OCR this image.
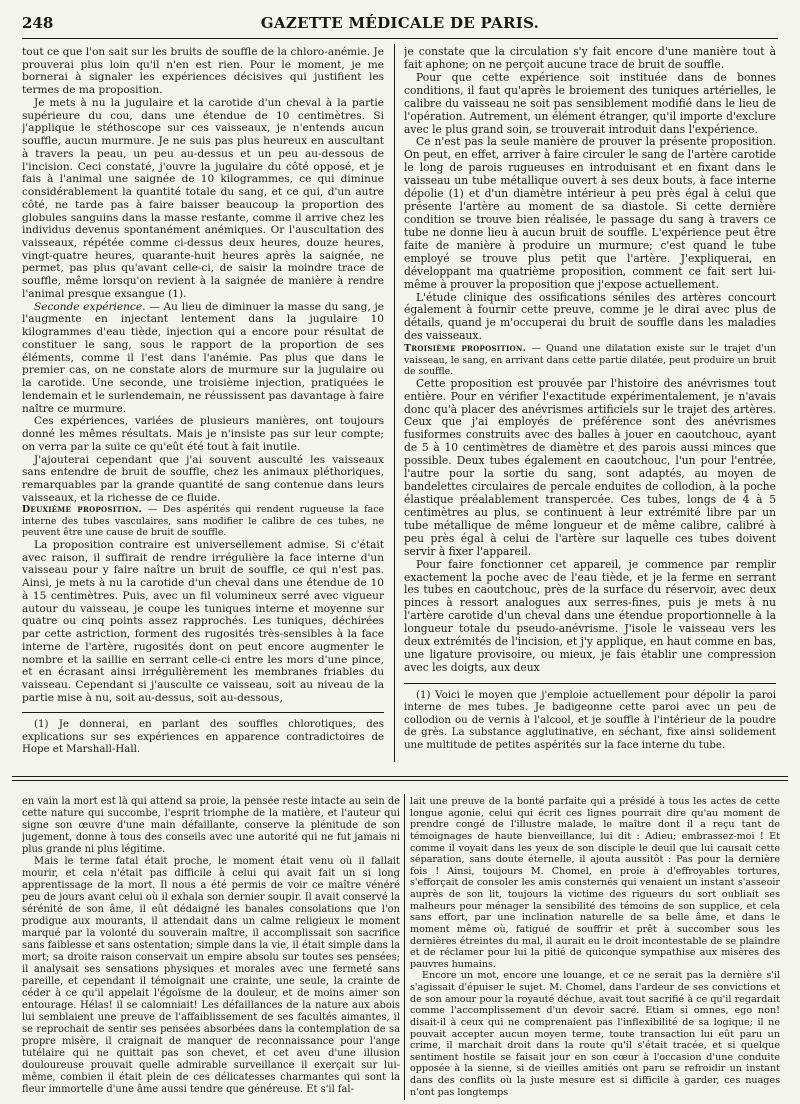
248	GAZETTE MÉDICALE DE PARIS.

tout ce que l'on sait sur les bruits de souffle de la chloro-anémie. Je prouverai plus loin qu'il n'en est rien. Pour le moment, je me bornerai à signaler les expériences décisives qui justifient les termes de ma proposition.

Je mets à nu la jugulaire et la carotide d'un cheval à la partie supérieure du cou, dans une étendue de 10 centimètres. Si j'applique le stéthoscope sur ces vaisseaux, je n'entends aucun souffle, aucun murmure. Je ne suis pas plus heureux en auscultant à travers la peau, un peu au-dessus et un peu au-dessous de l'incision. Ceci constaté, j'ouvre la jugulaire du côté opposé, et je fais à l'animal une saignée de 10 kilogrammes, ce qui diminue considérablement la quantité totale du sang, et ce qui, d'un autre côté, ne tarde pas à faire baisser beaucoup la proportion des globules sanguins dans la masse restante, comme il arrive chez les individus devenus spontanément anémiques. Or l'auscultation des vaisseaux, répétée comme ci-dessus deux heures, douze heures, vingt-quatre heures, quarante-huit heures après la saignée, ne permet, pas plus qu'avant celle-ci, de saisir la moindre trace de souffle, même lorsqu'on revient à la saignée de manière à rendre l'animal presque exsangue (1).

Seconde expérience. — Au lieu de diminuer la masse du sang, je l'augmente en injectant lentement dans la jugulaire 10 kilogrammes d'eau tiède, injection qui a encore pour résultat de constituer le sang, sous le rapport de la proportion de ses éléments, comme il l'est dans l'anémie. Pas plus que dans le premier cas, on ne constate alors de murmure sur la jugulaire ou la carotide. Une seconde, une troisième injection, pratiquées le lendemain et le surlendemain, ne réussissent pas davantage à faire naître ce murmure.

Ces expériences, variées de plusieurs manières, ont toujours donné les mêmes résultats. Mais je n'insiste pas sur leur compte; on verra par la suite ce qu'eût été tout à fait inutile.

J'ajouterai cependant que j'ai souvent ausculté les vaisseaux sans entendre de bruit de souffle, chez les animaux pléthoriques, remarquables par la grande quantité de sang contenue dans leurs vaisseaux, et la richesse de ce fluide.

Deuxième proposition. — Des aspérités qui rendent rugueuse la face interne des tubes vasculaires, sans modifier le calibre de ces tubes, ne peuvent être une cause de bruit de souffle.

La proposition contraire est universellement admise. Si c'était avec raison, il suffirait de rendre irrégulière la face interne d'un vaisseau pour y faire naître un bruit de souffle, ce qui n'est pas. Ainsi, je mets à nu la carotide d'un cheval dans une étendue de 10 à 15 centimètres. Puis, avec un fil volumineux serré avec vigueur autour du vaisseau, je coupe les tuniques interne et moyenne sur quatre ou cinq points assez rapprochés. Les tuniques, déchirées par cette astriction, forment des rugosités très-sensibles à la face interne de l'artère, rugosités dont on peut encore augmenter le nombre et la saillie en serrant celle-ci entre les mors d'une pince, et en écrasant ainsi irrégulièrement les membranes friables du vaisseau. Cependant si j'ausculte ce vaisseau, soit au niveau de la partie mise à nu, soit au-dessus, soit au-dessous,

(1) Je donnerai, en parlant des souffles chlorotiques, des explications sur ses expériences en apparence contradictoires de Hope et Marshall-Hall.

je constate que la circulation s'y fait encore d'une manière tout à fait aphone; on ne perçoit aucune trace de bruit de souffle.

Pour que cette expérience soit instituée dans de bonnes conditions, il faut qu'après le broiement des tuniques artérielles, le calibre du vaisseau ne soit pas sensiblement modifié dans le lieu de l'opération. Autrement, un élément étranger, qu'il importe d'exclure avec le plus grand soin, se trouverait introduit dans l'expérience.

Ce n'est pas la seule manière de prouver la présente proposition. On peut, en effet, arriver à faire circuler le sang de l'artère carotide le long de parois rugueuses en introduisant et en fixant dans le vaisseau un tube métallique ouvert à ses deux bouts, à face interne dépolie (1) et d'un diamètre intérieur à peu près égal à celui que présente l'artère au moment de sa diastole. Si cette dernière condition se trouve bien réalisée, le passage du sang à travers ce tube ne donne lieu à aucun bruit de souffle. L'expérience peut être faite de manière à produire un murmure; c'est quand le tube employé se trouve plus petit que l'artère. J'expliquerai, en développant ma quatrième proposition, comment ce fait sert lui-même à prouver la proposition que j'expose actuellement.

L'étude clinique des ossifications séniles des artères concourt également à fournir cette preuve, comme je le dirai avec plus de détails, quand je m'occuperai du bruit de souffle dans les maladies des vaisseaux.

Troisième proposition. — Quand une dilatation existe sur le trajet d'un vaisseau, le sang, en arrivant dans cette partie dilatée, peut produire un bruit de souffle.

Cette proposition est prouvée par l'histoire des anévrismes tout entière. Pour en vérifier l'exactitude expérimentalement, je n'avais donc qu'à placer des anévrismes artificiels sur le trajet des artères. Ceux que j'ai employés de préférence sont des anévrismes fusiformes construits avec des balles à jouer en caoutchouc, ayant de 5 à 10 centimètres de diamètre et des parois aussi minces que possible. Deux tubes également en caoutchouc, l'un pour l'entrée, l'autre pour la sortie du sang, sont adaptés, au moyen de bandelettes circulaires de percale enduites de collodion, à la poche élastique préalablement transpercée. Ces tubes, longs de 4 à 5 centimètres au plus, se continuent à leur extrémité libre par un tube métallique de même longueur et de même calibre, calibré à peu près égal à celui de l'artère sur laquelle ces tubes doivent servir à fixer l'appareil.

Pour faire fonctionner cet appareil, je commence par remplir exactement la poche avec de l'eau tiède, et je la ferme en serrant les tubes en caoutchouc, près de la surface du réservoir, avec deux pinces à ressort analogues aux serres-fines, puis je mets à nu l'artère carotide d'un cheval dans une étendue proportionnelle à la longueur totale du pseudo-anévrisme. J'isole le vaisseau vers les deux extrémités de l'incision, et j'y applique, en haut comme en bas, une ligature provisoire, ou mieux, je fais établir une compression avec les doigts, aux deux

(1) Voici le moyen que j'emploie actuellement pour dépolir la paroi interne de mes tubes. Je badigeonne cette paroi avec un peu de collodion ou de vernis à l'alcool, et je souffle à l'intérieur de la poudre de grès. La substance agglutinative, en séchant, fixe ainsi solidement une multitude de petites aspérités sur la face interne du tube.

en vain la mort est là qui attend sa proie, la pensée reste intacte au sein de cette nature qui succombe, l'esprit triomphe de la matière, et l'auteur qui signe son œuvre d'une main défaillante, conserve la plénitude de son jugement, donne à tous des conseils avec une autorité qui ne fut jamais ni plus grande ni plus légitime.

Mais le terme fatal était proche, le moment était venu où il fallait mourir, et cela n'était pas difficile à celui qui avait fait un si long apprentissage de la mort. Il nous a été permis de voir ce maître vénéré peu de jours avant celui où il exhala son dernier soupir. Il avait conservé la sérénité de son âme, il eût dédaigné les banales consolations que l'on prodigue aux mourants, il attendait dans un calme religieux le moment marqué par la volonté du souverain maître, il accomplissait son sacrifice sans faiblesse et sans ostentation; simple dans la vie, il était simple dans la mort; sa droite raison conservait un empire absolu sur toutes ses pensées; il analysait ses sensations physiques et morales avec une fermeté sans pareille, et cependant il témoignait une crainte, une seule, la crainte de céder à ce qu'il appelait l'égoïsme de la douleur, et de moins aimer son entourage. Hélas! il se calomniait! Les défaillances de la nature aux abois lui semblaient une preuve de l'affaiblissement de ses facultés aimantes, il se reprochait de sentir ses pensées absorbées dans la contemplation de sa propre misère, il craignait de manquer de reconnaissance pour l'ange tutélaire qui ne quittait pas son chevet, et cet aveu d'une illusion douloureuse prouvait quelle admirable surveillance il exerçait sur lui-même, combien il était plein de ces délicatesses charmantes qui sont la fleur immortelle d'une âme aussi tendre que généreuse. Et s'il fal-

lait une preuve de la bonté parfaite qui a présidé à tous les actes de cette longue agonie, celui qui écrit ces lignes pourrait dire qu'au moment de prendre congé de l'illustre malade, le maître dont il a reçu tant de témoignages de haute bienveillance, lui dit : Adieu; embrassez-moi ! Et comme il voyait dans les yeux de son disciple le deuil que lui causait cette séparation, sans doute éternelle, il ajouta aussitôt : Pas pour la dernière fois ! Ainsi, toujours M. Chomel, en proie à d'effroyables tortures, s'efforçait de consoler les amis consternés qui venaient un instant s'asseoir auprès de son lit, toujours la victime des rigueurs du sort oubliait ses malheurs pour ménager la sensibilité des témoins de son supplice, et cela sans effort, par une inclination naturelle de sa belle âme, et dans le moment même où, fatigué de souffrir et prêt à succomber sous les dernières étreintes du mal, il aurait eu le droit incontestable de se plaindre et de réclamer pour lui la pitié de quiconque sympathise aux misères des pauvres humains.

Encore un mot, encore une louange, et ce ne serait pas la dernière s'il s'agissait d'épuiser le sujet. M. Chomel, dans l'ardeur de ses convictions et de son amour pour la royauté déchue, avait tout sacrifié à ce qu'il regardait comme l'accomplissement d'un devoir sacré. Etiam si omnes, ego non! disait-il à ceux qui ne comprenaient pas l'inflexibilité de sa logique; il ne pouvait accepter aucun moyen terme, toute transaction lui eût paru un crime, il marchait droit dans la route qu'il s'était tracée, et si quelque sentiment hostile se faisait jour en son cœur à l'occasion d'une conduite opposée à la sienne, si de vieilles amitiés ont paru se refroidir un instant dans des conflits où la juste mesure est si difficile à garder, ces nuages n'ont pas longtemps
